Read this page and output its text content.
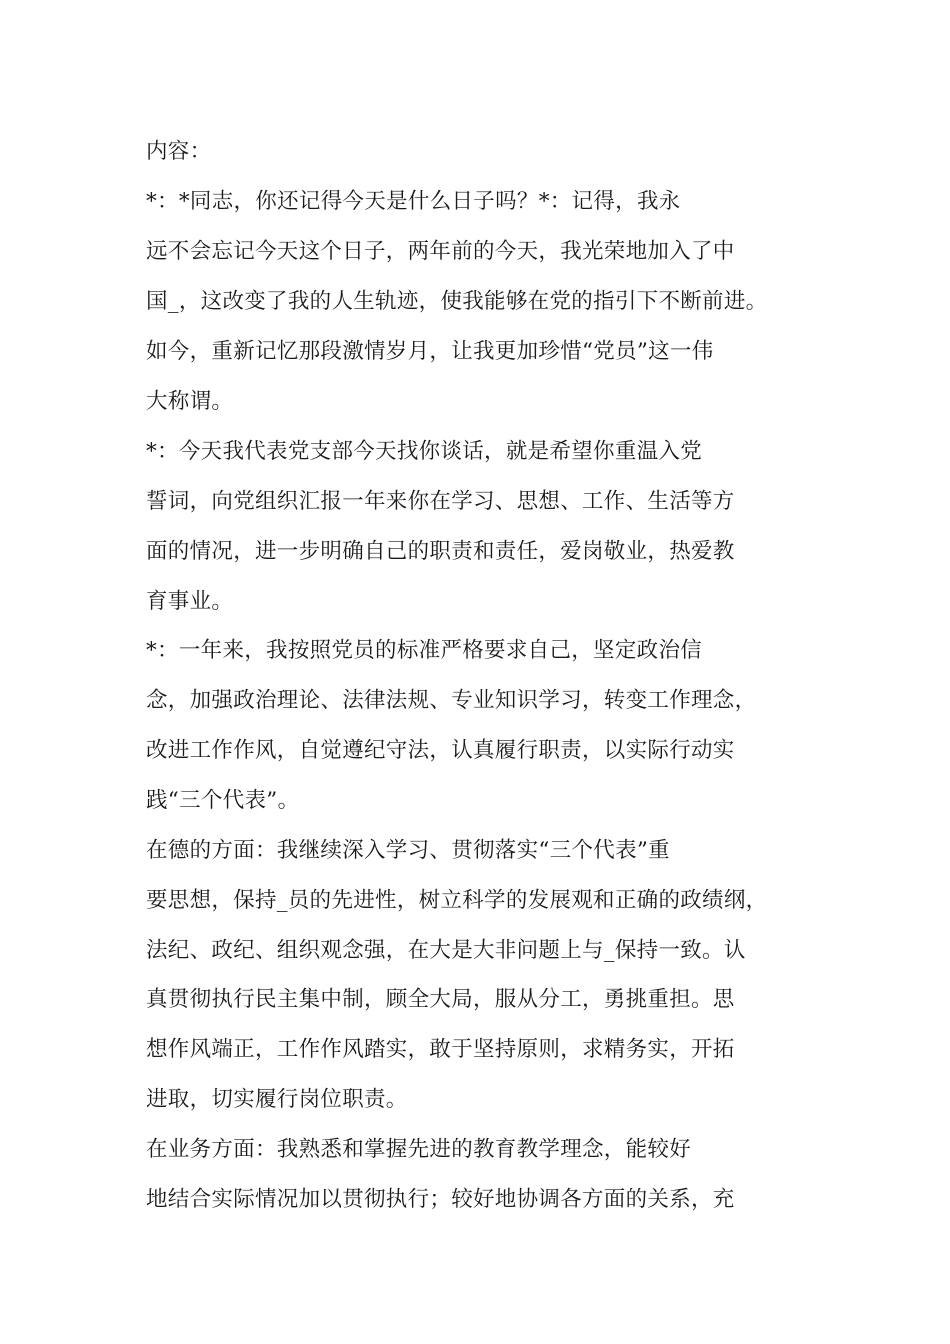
内容：
*：*同志，你还记得今天是什么日子吗？*：记得，我永
远不会忘记今天这个日子，两年前的今天，我光荣地加入了中
国_，这改变了我的人生轨迹，使我能够在党的指引下不断前进。
如今，重新记忆那段激情岁月，让我更加珍惜“党员”这一伟
大称谓。
*：今天我代表党支部今天找你谈话，就是希望你重温入党
誓词，向党组织汇报一年来你在学习、思想、工作、生活等方
面的情况，进一步明确自己的职责和责任，爱岗敬业，热爱教
育事业。
*：一年来，我按照党员的标准严格要求自己，坚定政治信
念，加强政治理论、法律法规、专业知识学习，转变工作理念，
改进工作作风，自觉遵纪守法，认真履行职责，以实际行动实
践“三个代表”。
在德的方面：我继续深入学习、贯彻落实“三个代表”重
要思想，保持_员的先进性，树立科学的发展观和正确的政绩纲，
法纪、政纪、组织观念强，在大是大非问题上与_保持一致。认
真贯彻执行民主集中制，顾全大局，服从分工，勇挑重担。思
想作风端正，工作作风踏实，敢于坚持原则，求精务实，开拓
进取，切实履行岗位职责。
在业务方面：我熟悉和掌握先进的教育教学理念，能较好
地结合实际情况加以贯彻执行；较好地协调各方面的关系，充
